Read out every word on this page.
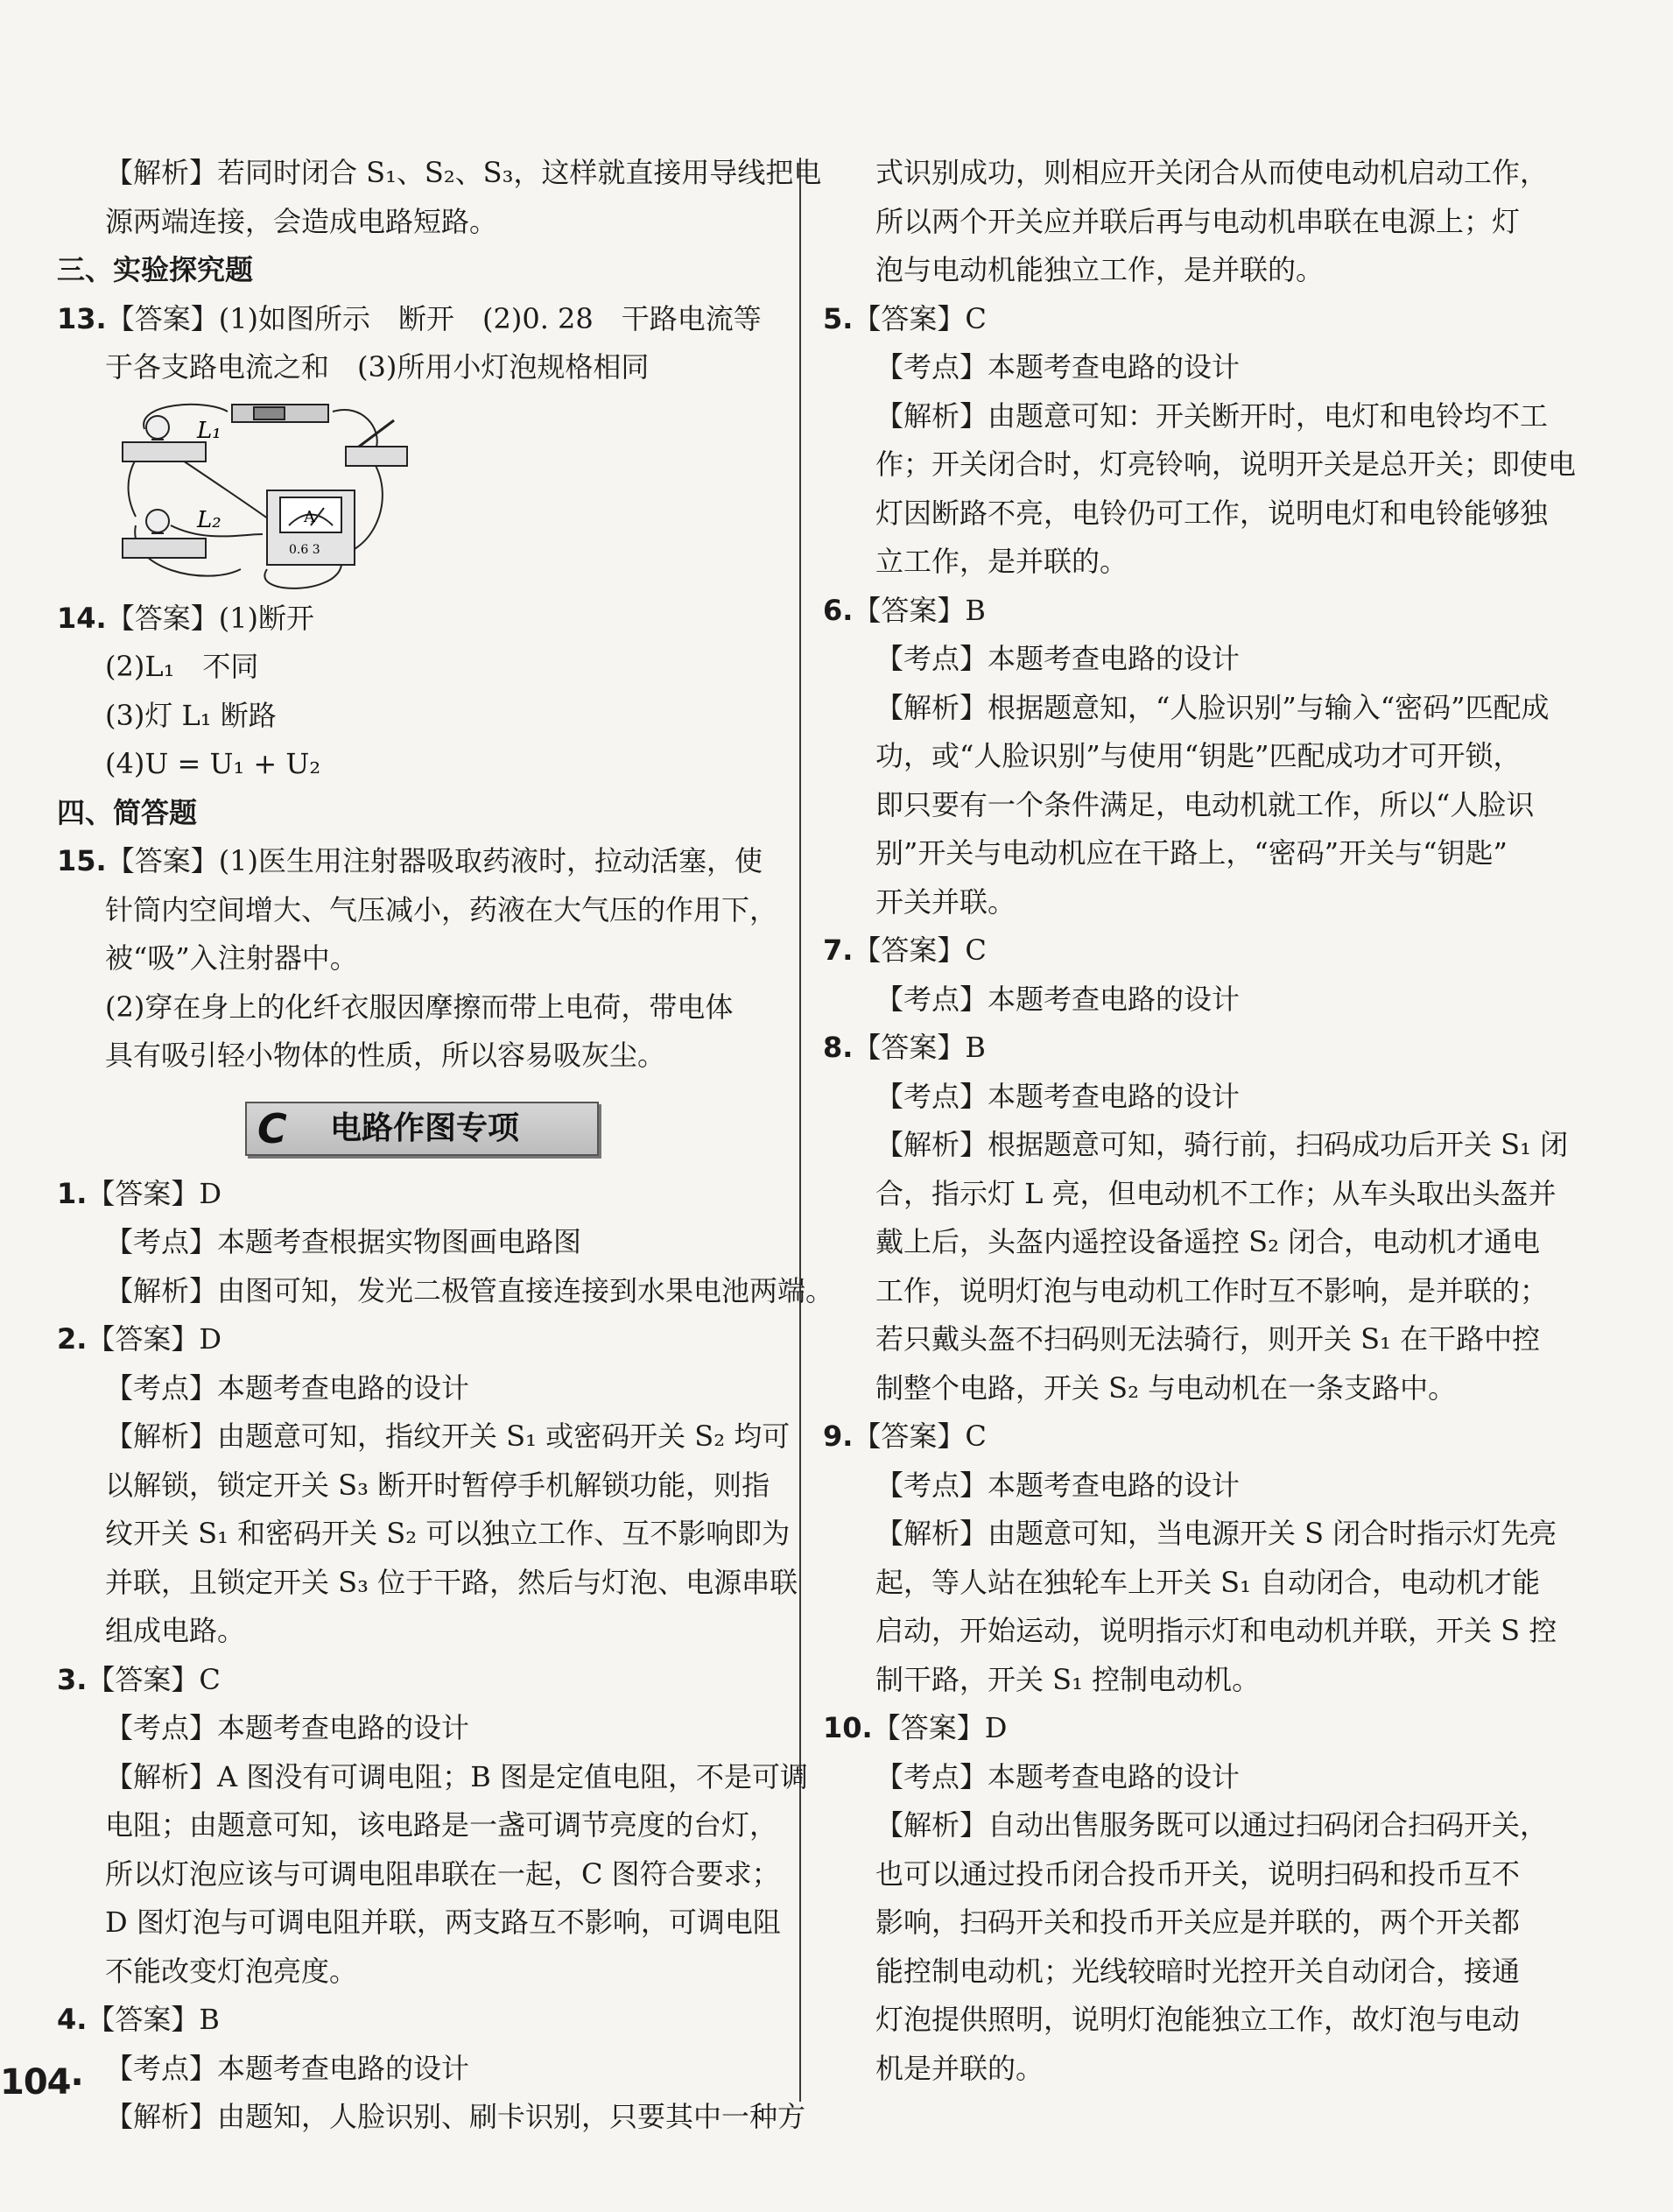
【解析】若同时闭合 S₁、S₂、S₃，这样就直接用导线把电
源两端连接，会造成电路短路。
三、实验探究题
13.【答案】(1)如图所示　断开　(2)0. 28　干路电流等
于各支路电流之和　(3)所用小灯泡规格相同
L₁
L₂	A
0.6 3
14.【答案】(1)断开
(2)L₁　不同
(3)灯 L₁ 断路
(4)U = U₁ + U₂
四、简答题
15.【答案】(1)医生用注射器吸取药液时，拉动活塞，使
针筒内空间增大、气压减小，药液在大气压的作用下，
被“吸”入注射器中。
(2)穿在身上的化纤衣服因摩擦而带上电荷，带电体
具有吸引轻小物体的性质，所以容易吸灰尘。
C 电路作图专项
1.【答案】D
【考点】本题考查根据实物图画电路图
【解析】由图可知，发光二极管直接连接到水果电池两端。
2.【答案】D
【考点】本题考查电路的设计
【解析】由题意可知，指纹开关 S₁ 或密码开关 S₂ 均可
以解锁，锁定开关 S₃ 断开时暂停手机解锁功能，则指
纹开关 S₁ 和密码开关 S₂ 可以独立工作、互不影响即为
并联，且锁定开关 S₃ 位于干路，然后与灯泡、电源串联
组成电路。
3.【答案】C
【考点】本题考查电路的设计
【解析】A 图没有可调电阻；B 图是定值电阻，不是可调
电阻；由题意可知，该电路是一盏可调节亮度的台灯，
所以灯泡应该与可调电阻串联在一起，C 图符合要求；
D 图灯泡与可调电阻并联，两支路互不影响，可调电阻
不能改变灯泡亮度。
4.【答案】B
【考点】本题考查电路的设计
【解析】由题知，人脸识别、刷卡识别，只要其中一种方
式识别成功，则相应开关闭合从而使电动机启动工作，
所以两个开关应并联后再与电动机串联在电源上；灯
泡与电动机能独立工作，是并联的。
5.【答案】C
【考点】本题考查电路的设计
【解析】由题意可知：开关断开时，电灯和电铃均不工
作；开关闭合时，灯亮铃响，说明开关是总开关；即使电
灯因断路不亮，电铃仍可工作，说明电灯和电铃能够独
立工作，是并联的。
6.【答案】B
【考点】本题考查电路的设计
【解析】根据题意知，“人脸识别”与输入“密码”匹配成
功，或“人脸识别”与使用“钥匙”匹配成功才可开锁，
即只要有一个条件满足，电动机就工作，所以“人脸识
别”开关与电动机应在干路上，“密码”开关与“钥匙”
开关并联。
7.【答案】C
【考点】本题考查电路的设计
8.【答案】B
【考点】本题考查电路的设计
【解析】根据题意可知，骑行前，扫码成功后开关 S₁ 闭
合，指示灯 L 亮，但电动机不工作；从车头取出头盔并
戴上后，头盔内遥控设备遥控 S₂ 闭合，电动机才通电
工作，说明灯泡与电动机工作时互不影响，是并联的；
若只戴头盔不扫码则无法骑行，则开关 S₁ 在干路中控
制整个电路，开关 S₂ 与电动机在一条支路中。
9.【答案】C
【考点】本题考查电路的设计
【解析】由题意可知，当电源开关 S 闭合时指示灯先亮
起，等人站在独轮车上开关 S₁ 自动闭合，电动机才能
启动，开始运动，说明指示灯和电动机并联，开关 S 控
制干路，开关 S₁ 控制电动机。
10.【答案】D
【考点】本题考查电路的设计
【解析】自动出售服务既可以通过扫码闭合扫码开关，
也可以通过投币闭合投币开关，说明扫码和投币互不
影响，扫码开关和投币开关应是并联的，两个开关都
能控制电动机；光线较暗时光控开关自动闭合，接通
灯泡提供照明，说明灯泡能独立工作，故灯泡与电动
机是并联的。
104·
